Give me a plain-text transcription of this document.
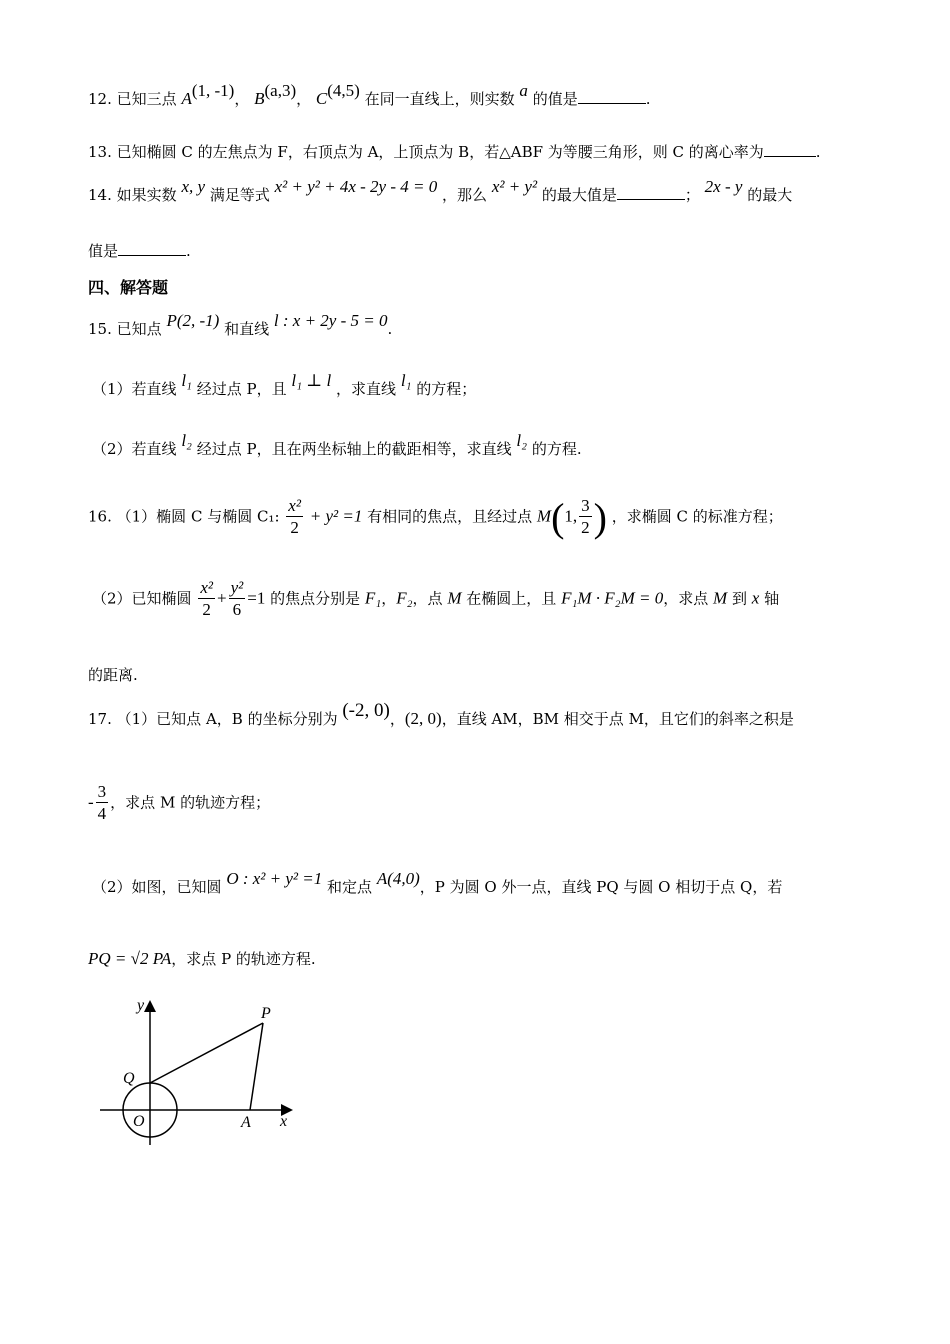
12. 已知三点 A(1, -1)， B(a,3)， C(4,5) 在同一直线上，则实数 a 的值是	.
13. 已知椭圆 C 的左焦点为 F，右顶点为 A，上顶点为 B，若△ABF 为等腰三角形，则 C 的离心率为	.
14. 如果实数 x, y 满足等式 x² + y² + 4x - 2y - 4 = 0 ，那么 x² + y² 的最大值是	； 2x - y 的最大
值是	.
四、解答题
15. 已知点 P(2, -1) 和直线 l : x + 2y - 5 = 0.
（1）若直线 l₁ 经过点 P，且 l₁ ⊥ l ，求直线 l₁ 的方程；
（2）若直线 l₂ 经过点 P，且在两坐标轴上的截距相等，求直线 l₂ 的方程.
16. （1）椭圆 C 与椭圆 C₁: $\frac{\text{x²}}{2} + y^2 =1$ 有相同的焦点，且经过点 M(1, $\frac{3}{2}$ ) ，求椭圆 C 的标准方程；
（2）已知椭圆 $\frac{\text{x²}}{2} + \frac{\text{y²}}{6} =1$ 的焦点分别是 F₁，F₂，点 M 在椭圆上，且 F₁M · F₂M = 0，求点 M 到 x 轴
的距离.
17. （1）已知点 A，B 的坐标分别为 (-2, 0)，(2, 0)，直线 AM，BM 相交于点 M，且它们的斜率之积是
- $\frac{3}{4}$ ，求点 M 的轨迹方程；
（2）如图，已知圆 O : x² + y² =1 和定点 A(4,0)，P 为圆 O 外一点，直线 PQ 与圆 O 相切于点 Q，若
PQ = √2 PA，求点 P 的轨迹方程.
y
x
P
Q
O	A
